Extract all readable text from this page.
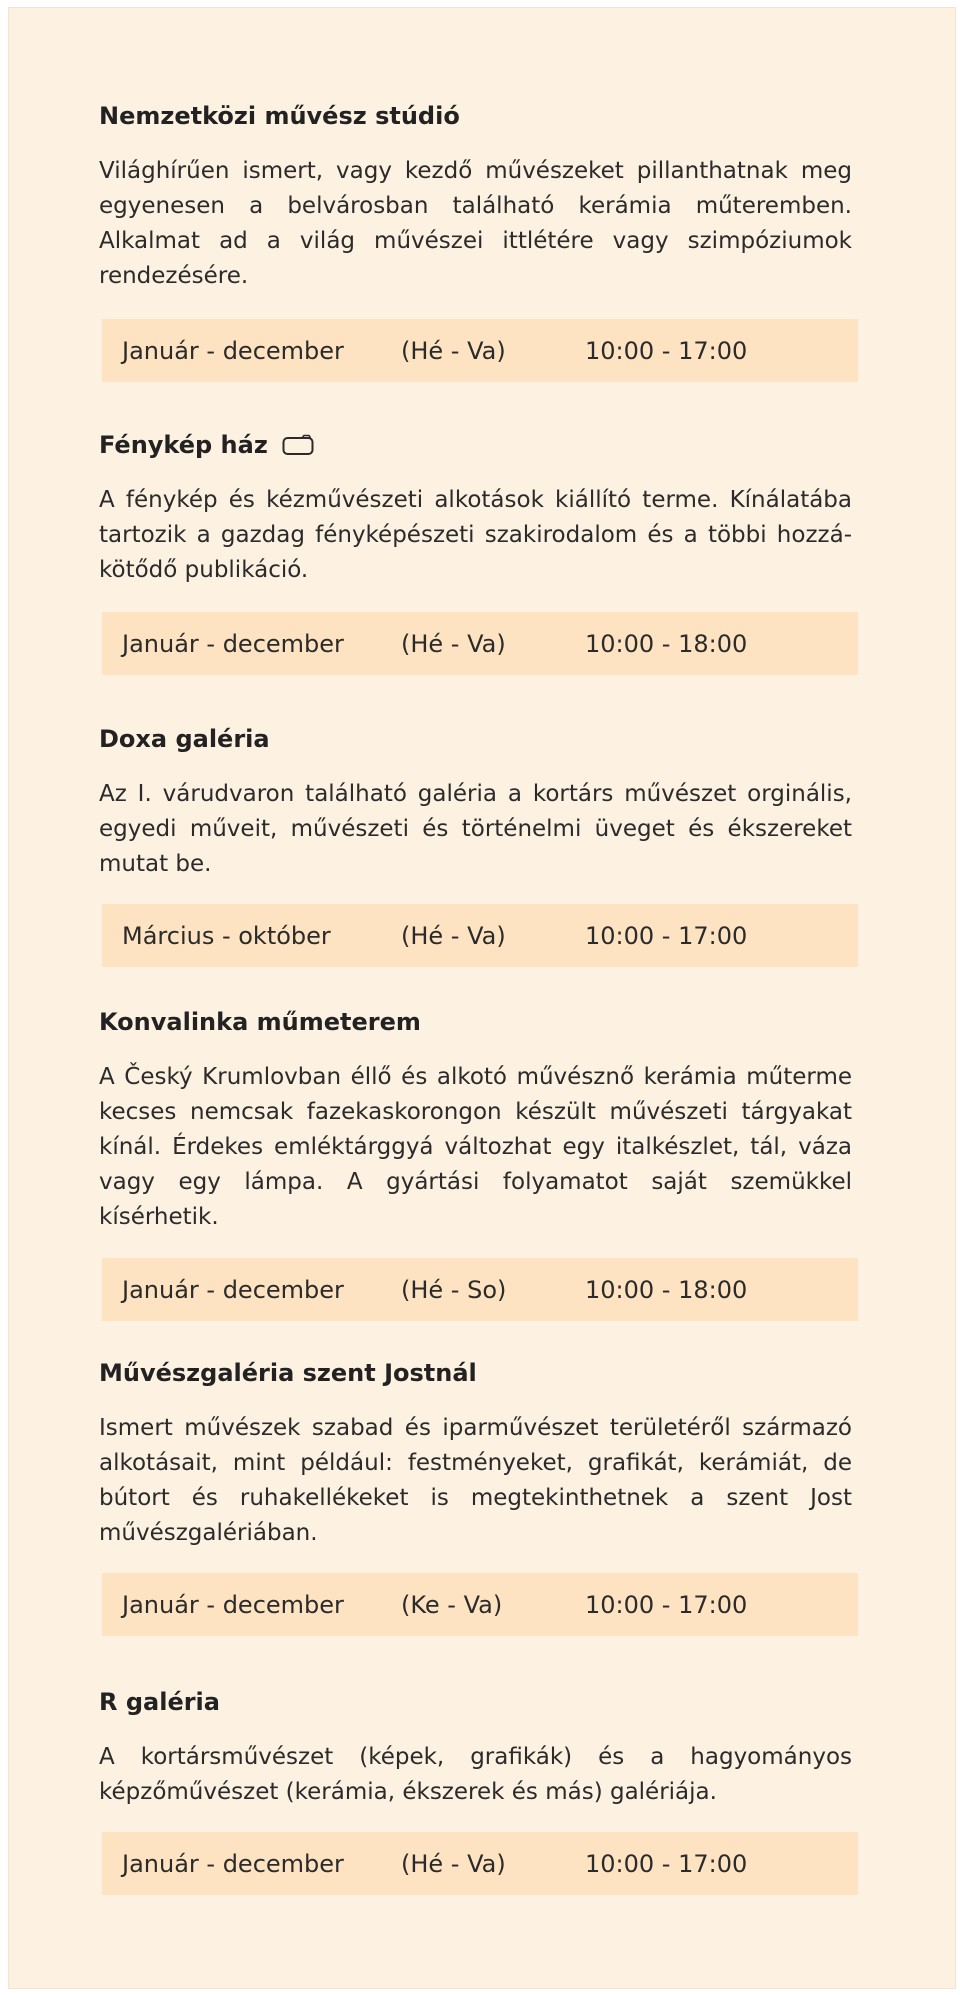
Nemzetközi művész stúdió

Világhírűen ismert, vagy kezdő művészeket pillanthatnak meg egyenesen a belvárosban található kerámia műteremben. Alkalmat ad a világ művészei ittlétére vagy szimpóziumok rendezésére.

Január - december (Hé - Va)	10:00 - 17:00
Fénykép ház

A fénykép és kézművészeti alkotások kiállító terme. Kínálatába tartozik a gazdag fényképészeti szakirodalom és a többi hozzá-kötődő publikáció.

Január - december (Hé - Va)	10:00 - 18:00
Doxa galéria

Az I. várudvaron található galéria a kortárs művészet orginális, egyedi műveit, művészeti és történelmi üveget és ékszereket mutat be.

Március - október	(Hé - Va)	10:00 - 17:00
Konvalinka műmeterem

A Český Krumlovban éllő és alkotó művésznő kerámia műterme kecses nemcsak fazekaskorongon készült művészeti tárgyakat kínál. Érdekes emléktárggyá változhat egy italkészlet, tál, váza vagy egy lámpa. A gyártási folyamatot saját szemükkel kísérhetik.

Január - december (Hé - So)	10:00 - 18:00
Művészgaléria szent Jostnál

Ismert művészek szabad és iparművészet területéről származó alkotásait, mint például: festményeket, grafikát, kerámiát, de bútort és ruhakellékeket is megtekinthetnek a szent Jost művészgalériában.

Január - december (Ke - Va)	10:00 - 17:00
R galéria

A kortársművészet (képek, grafikák) és a hagyományos képzőművészet (kerámia, ékszerek és más) galériája.

Január - december (Hé - Va)	10:00 - 17:00
